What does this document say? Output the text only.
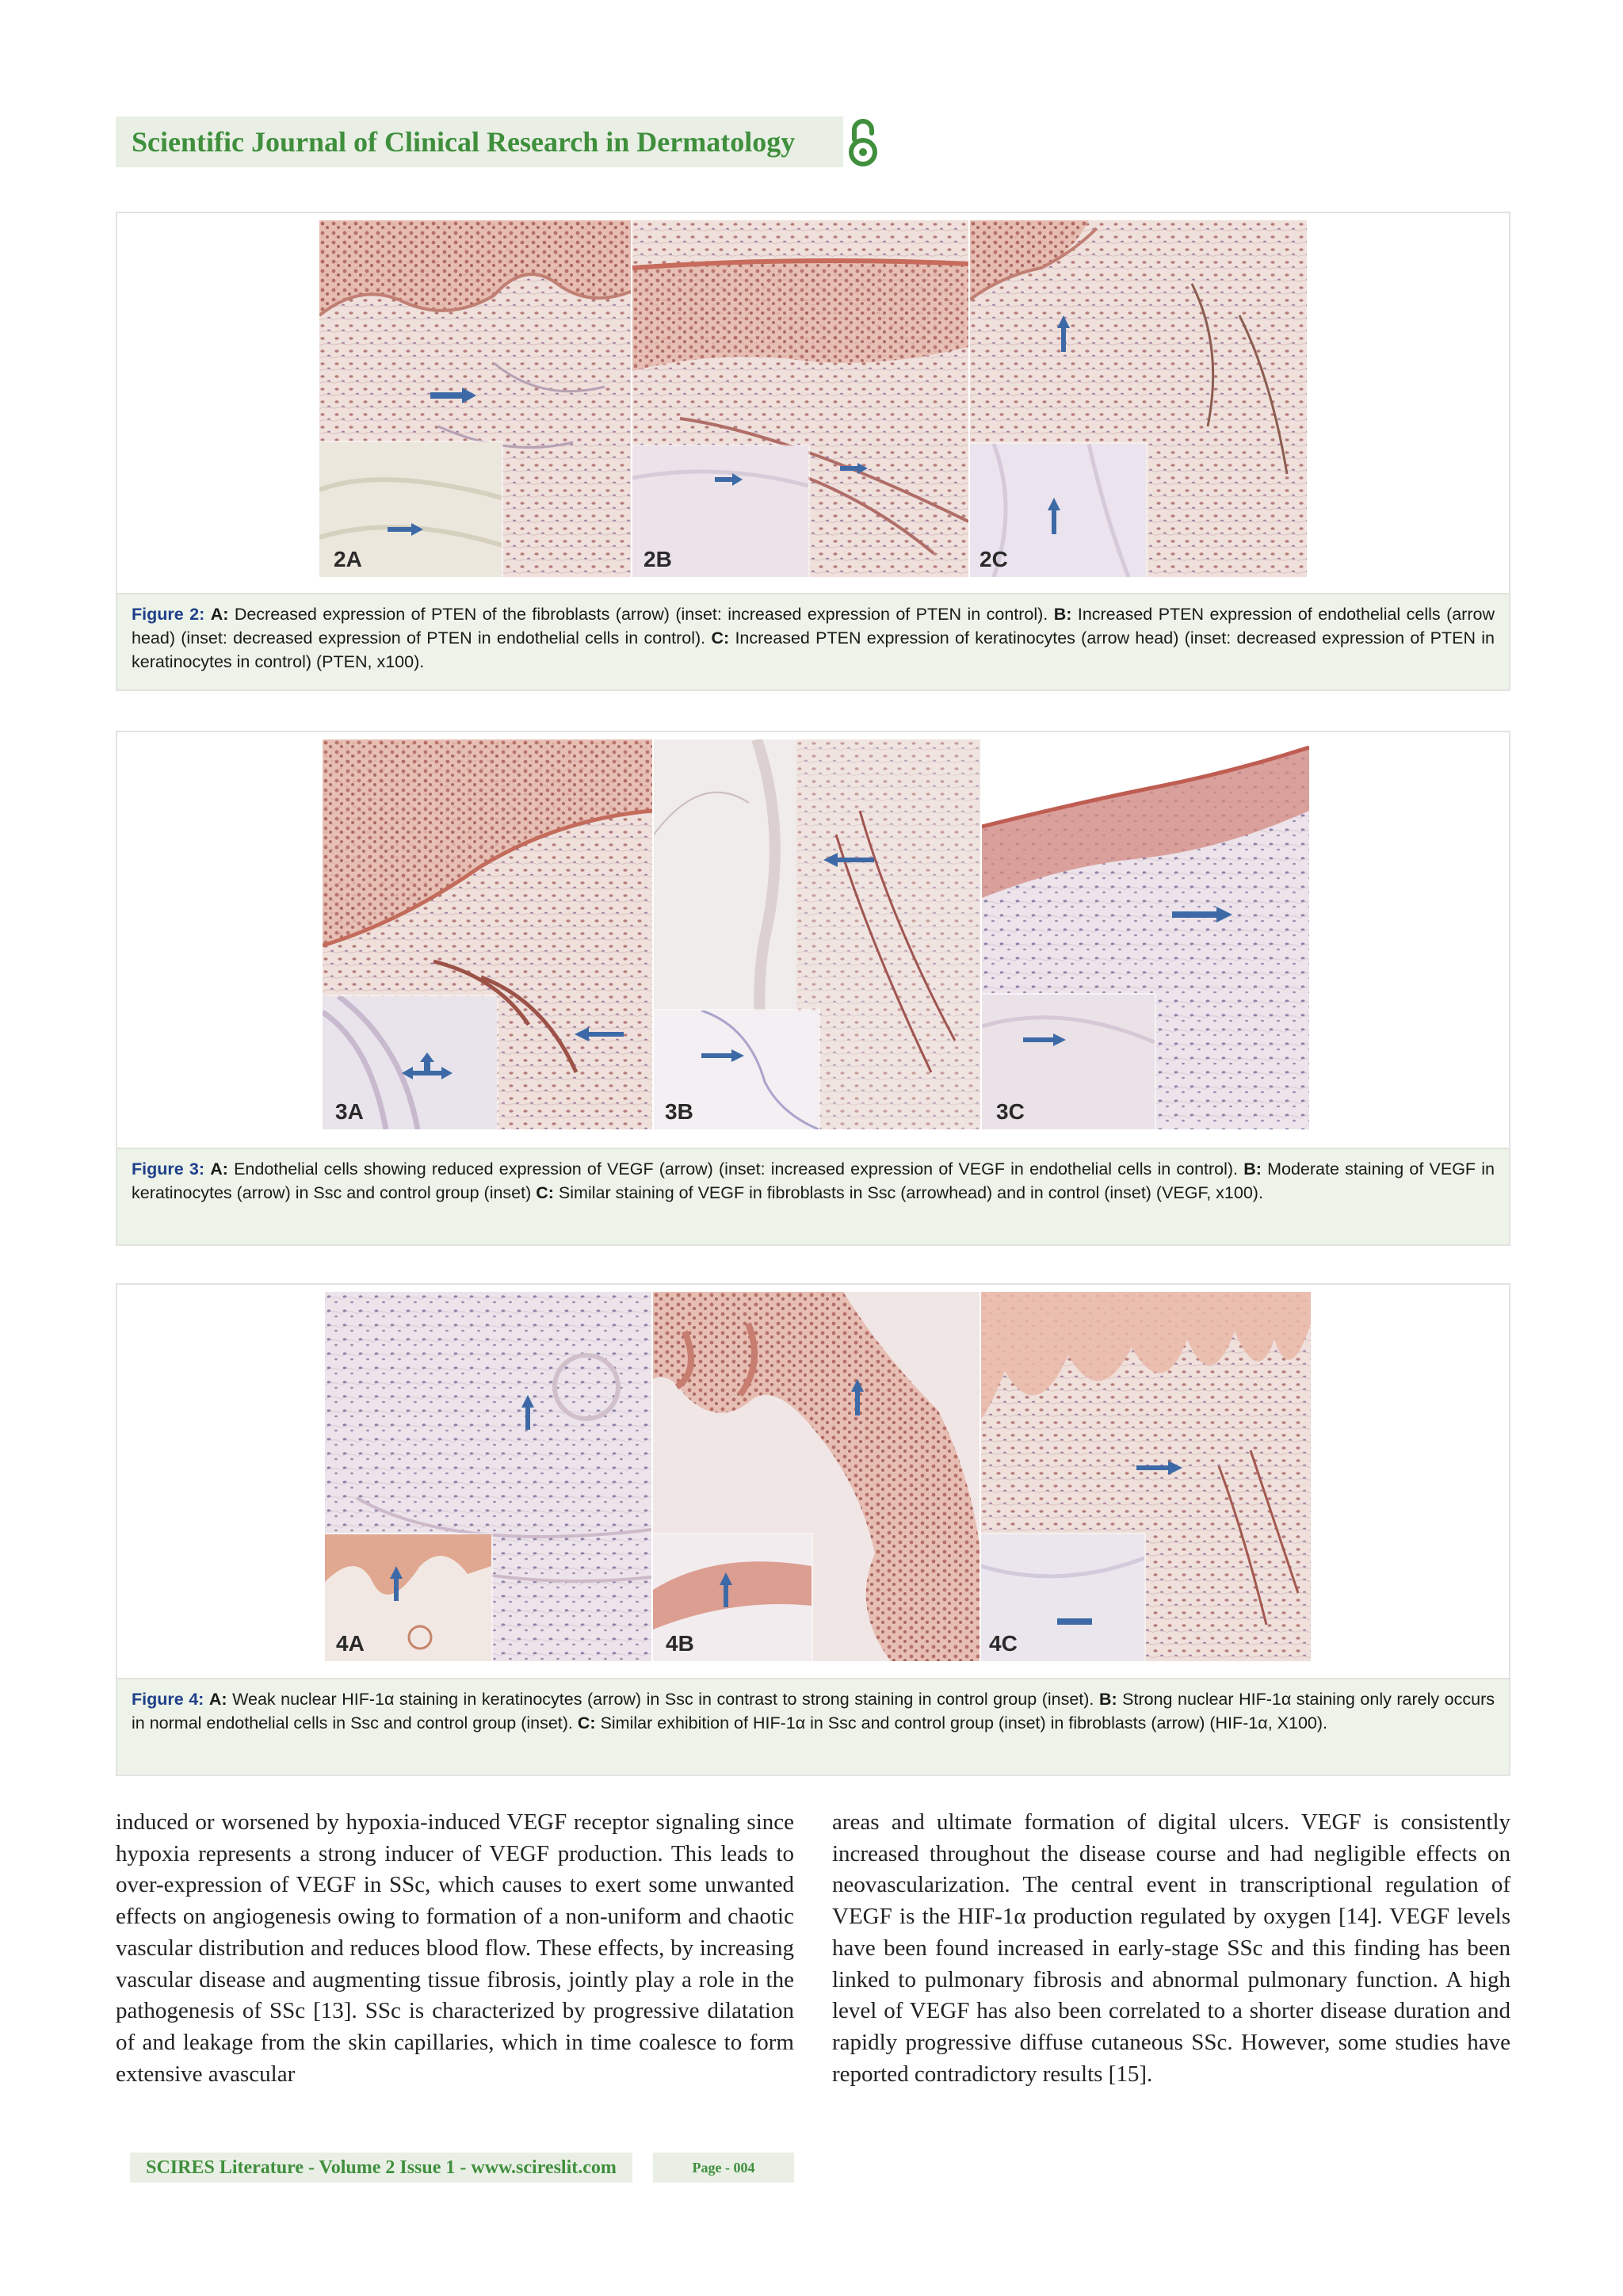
Scientific Journal of Clinical Research in Dermatology
2A	2B	2C
Figure 2: A: Decreased expression of PTEN of the fibroblasts (arrow) (inset: increased expression of PTEN in control). B: Increased PTEN expression of endothelial cells (arrow head) (inset: decreased expression of PTEN in endothelial cells in control). C: Increased PTEN expression of keratinocytes (arrow head) (inset: decreased expression of PTEN in keratinocytes in control) (PTEN, x100).
3A	3B	3C
Figure 3: A: Endothelial cells showing reduced expression of VEGF (arrow) (inset: increased expression of VEGF in endothelial cells in control). B: Moderate staining of VEGF in keratinocytes (arrow) in Ssc and control group (inset) C: Similar staining of VEGF in fibroblasts in Ssc (arrowhead) and in control (inset) (VEGF, x100).
4A	4B	4C
Figure 4: A: Weak nuclear HIF-1α staining in keratinocytes (arrow) in Ssc in contrast to strong staining in control group (inset). B: Strong nuclear HIF-1α staining only rarely occurs in normal endothelial cells in Ssc and control group (inset). C: Similar exhibition of HIF-1α in Ssc and control group (inset) in fibroblasts (arrow) (HIF-1α, X100).

induced or worsened by hypoxia-induced VEGF receptor signaling since hypoxia represents a strong inducer of VEGF production. This leads to over-expression of VEGF in SSc, which causes to exert some unwanted effects on angiogenesis owing to formation of a non-uniform and chaotic vascular distribution and reduces blood flow. These effects, by increasing vascular disease and augmenting tissue fibrosis, jointly play a role in the pathogenesis of SSc [13]. SSc is characterized by progressive dilatation of and leakage from the skin capillaries, which in time coalesce to form extensive avascular

areas and ultimate formation of digital ulcers. VEGF is consistently increased throughout the disease course and had negligible effects on neovascularization. The central event in transcriptional regulation of VEGF is the HIF-1α production regulated by oxygen [14]. VEGF levels have been found increased in early-stage SSc and this finding has been linked to pulmonary fibrosis and abnormal pulmonary function. A high level of VEGF has also been correlated to a shorter disease duration and rapidly progressive diffuse cutaneous SSc. However, some studies have reported contradictory results [15].

SCIRES Literature - Volume 2 Issue 1 - www.scireslit.com	Page - 004
